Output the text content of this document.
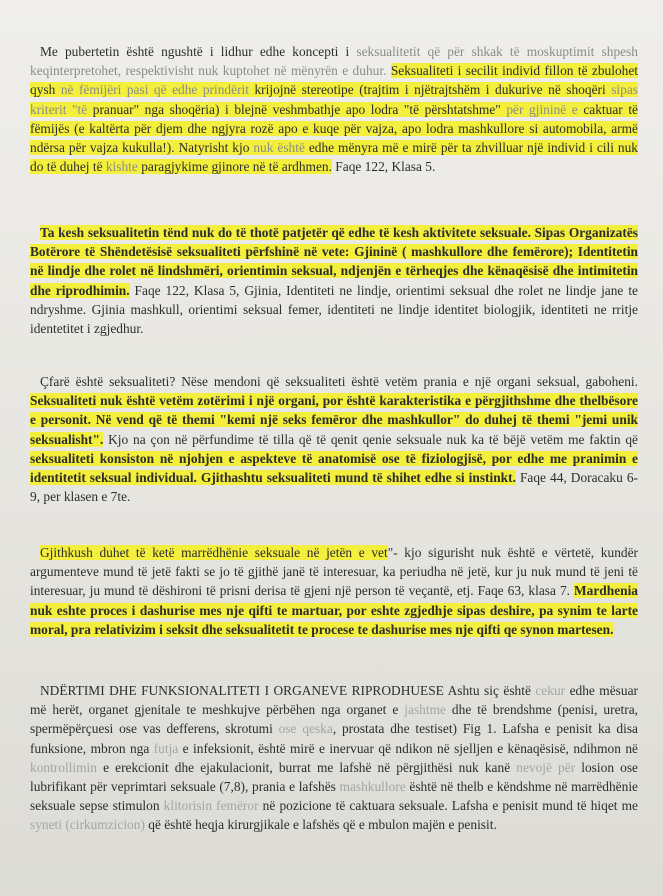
Me pubertetin është ngushtë i lidhur edhe koncepti i seksualitetit që për shkak të moskuptimit shpesh keqinterpretohet, respektivisht nuk kuptohet në mënyrën e duhur. Seksualiteti i secilit individ fillon të zbulohet qysh në fëmijëri pasi që edhe prindërit krijojnë stereotipe (trajtim i njëtrajtshëm i dukurive në shoqëri sipas kriterit "të pranuar" nga shoqëria) i blejnë veshmbathje apo lodra "të përshtatshme" për gjininë e caktuar të fëmijës (e kaltërta për djem dhe ngjyra rozë apo e kuqe për vajza, apo lodra mashkullore si automobila, armë ndërsa për vajza kukulla!). Natyrisht kjo nuk është edhe mënyra më e mirë për ta zhvilluar një individ i cili nuk do të duhej të kishte paragjykime gjinore në të ardhmen. Faqe 122, Klasa 5.

Ta kesh seksualitetin tënd nuk do të thotë patjetër që edhe të kesh aktivitete seksuale. Sipas Organizatës Botërore të Shëndetësisë seksualiteti përfshinë në vete: Gjininë ( mashkullore dhe femërore); Identitetin në lindje dhe rolet në lindshmëri, orientimin seksual, ndjenjën e tërheqjes dhe kënaqësisë dhe intimitetin dhe riprodhimin. Faqe 122, Klasa 5, Gjinia, Identiteti ne lindje, orientimi seksual dhe rolet ne lindje jane te ndryshme. Gjinia mashkull, orientimi seksual femer, identiteti ne lindje identitet biologjik, identiteti ne rritje identetitet i zgjedhur.

Çfarë është seksualiteti? Nëse mendoni që seksualiteti është vetëm prania e një organi seksual, gaboheni. Seksualiteti nuk është vetëm zotërimi i një organi, por është karakteristika e përgjithshme dhe thelbësore e personit. Në vend që të themi "kemi një seks femëror dhe mashkullor" do duhej të themi "jemi unik seksualisht". Kjo na çon në përfundime të tilla që të qenit qenie seksuale nuk ka të bëjë vetëm me faktin që seksualiteti konsiston në njohjen e aspekteve të anatomisë ose të fiziologjisë, por edhe me pranimin e identitetit seksual individual. Gjithashtu seksualiteti mund të shihet edhe si instinkt. Faqe 44, Doracaku 6-9, per klasen e 7te.

Gjithkush duhet të ketë marrëdhënie seksuale në jetën e vet"- kjo sigurisht nuk është e vërtetë, kundër argumenteve mund të jetë fakti se jo të gjithë janë të interesuar, ka periudha në jetë, kur ju nuk mund të jeni të interesuar, ju mund të dëshironi të prisni derisa të gjeni një person të veçantë, etj. Faqe 63, klasa 7. Mardhenia nuk eshte proces i dashurise mes nje qifti te martuar, por eshte zgjedhje sipas deshire, pa synim te larte moral, pra relativizim i seksit dhe seksualitetit te procese te dashurise mes nje qifti qe synon martesen.

NDËRTIMI DHE FUNKSIONALITETI I ORGANEVE RIPRODHUESE Ashtu siç është cekur edhe mësuar më herët, organet gjenitale te meshkujve përbëhen nga organet e jashtme dhe të brendshme (penisi, uretra, spermëpërçuesi ose vas defferens, skrotumi ose qeska, prostata dhe testiset) Fig 1. Lafsha e penisit ka disa funksione, mbron nga futja e infeksionit, është mirë e inervuar që ndikon në sjelljen e kënaqësisë, ndihmon në kontrollimin e erekcionit dhe ejakulacionit, burrat me lafshë në përgjithësi nuk kanë nevojë për losion ose lubrifikant për veprimtari seksuale (7,8), prania e lafshës mashkullore është në thelb e këndshme në marrëdhënie seksuale sepse stimulon klitorisin femëror në pozicione të caktuara seksuale. Lafsha e penisit mund të hiqet me syneti (cirkumzicion) që është heqja kirurgjikale e lafshës që e mbulon majën e penisit.
